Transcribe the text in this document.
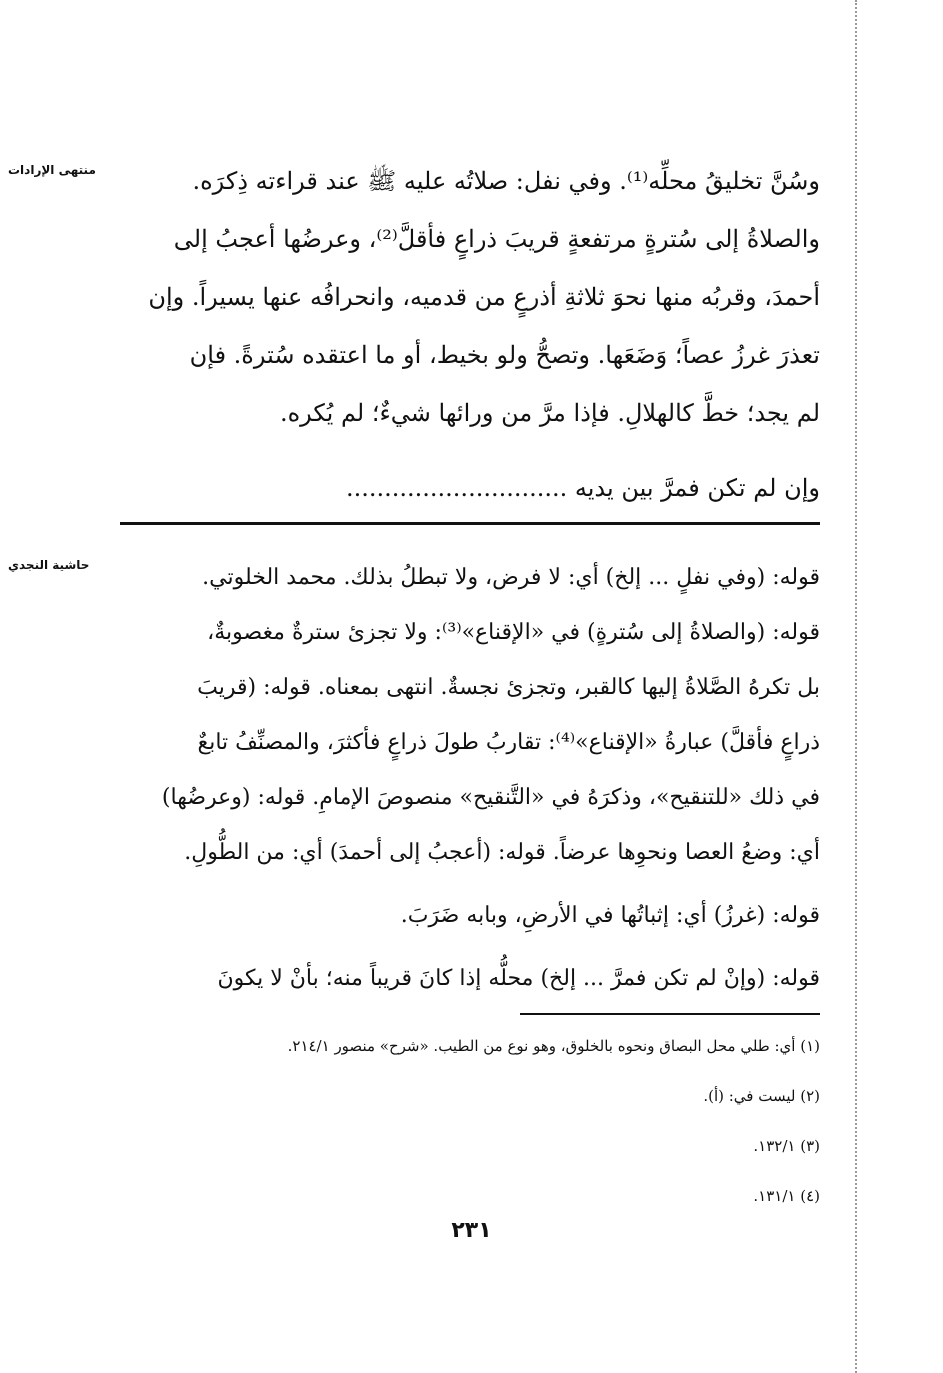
منتهى الإرادات
حاشية النجدي
وسُنَّ تخليقُ محلِّه⁽¹⁾. وفي نفل: صلاتُه عليه ﷺ عند قراءته ذِكرَه.
والصلاةُ إلى سُترةٍ مرتفعةٍ قريبَ ذراعٍ فأقلَّ⁽²⁾، وعرضُها أعجبُ إلى
أحمدَ، وقربُه منها نحوَ ثلاثةِ أذرعٍ من قدميه، وانحرافُه عنها يسيراً. وإن
تعذرَ غرزُ عصاً؛ وَضَعَها. وتصحُّ ولو بخيط، أو ما اعتقده سُترةً. فإن
لم يجد؛ خطَّ كالهلالِ. فإذا مرَّ من ورائها شيءٌ؛ لم يُكره.
وإن لم تكن فمرَّ بين يديه .............................
قوله: (وفي نفلٍ ... إلخ) أي: لا فرض، ولا تبطلُ بذلك. محمد الخلوتي.
قوله: (والصلاةُ إلى سُترةٍ) في «الإقناع»⁽³⁾: ولا تجزئ سترةٌ مغصوبةٌ،
بل تكرهُ الصَّلاةُ إليها كالقبر، وتجزئ نجسةٌ. انتهى بمعناه. قوله: (قريبَ
ذراعٍ فأقلَّ) عبارةُ «الإقناع»⁽⁴⁾: تقاربُ طولَ ذراعٍ فأكثرَ، والمصنِّفُ تابعٌ
في ذلك «للتنقيح»، وذكرَهُ في «التَّنقيح» منصوصَ الإمامِ. قوله: (وعرضُها)
أي: وضعُ العصا ونحوِها عرضاً. قوله: (أعجبُ إلى أحمدَ) أي: من الطُّولِ.
قوله: (غرزُ) أي: إثباتُها في الأرضِ، وبابه ضَرَبَ.
قوله: (وإنْ لم تكن فمرَّ ... إلخ) محلُّه إذا كانَ قريباً منه؛ بأنْ لا يكونَ
(١) أي: طلي محل البصاق ونحوه بالخلوق، وهو نوع من الطيب. «شرح» منصور ٢١٤/١.
(٢) ليست في: (أ).
(٣) ١٣٢/١.
(٤) ١٣١/١.
٢٣١
